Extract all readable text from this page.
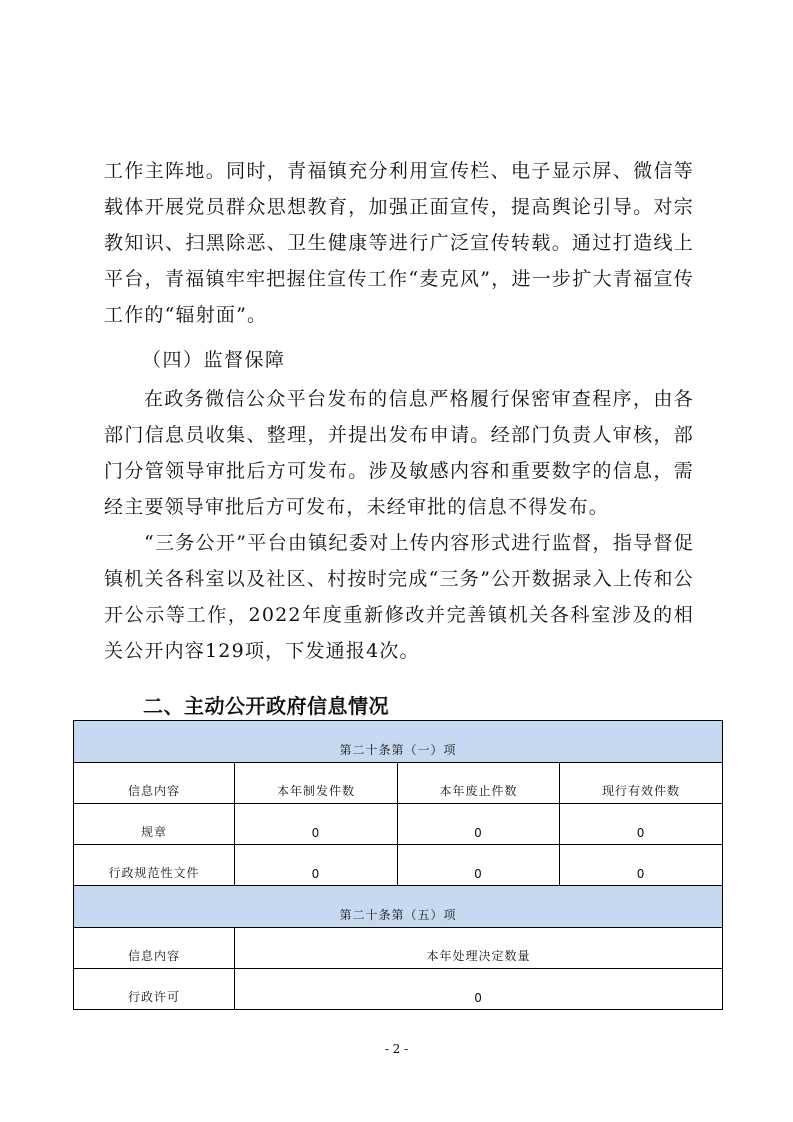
工作主阵地。同时，青福镇充分利用宣传栏、电子显示屏、微信等载体开展党员群众思想教育，加强正面宣传，提高舆论引导。对宗教知识、扫黑除恶、卫生健康等进行广泛宣传转载。通过打造线上平台，青福镇牢牢把握住宣传工作“麦克风”，进一步扩大青福宣传工作的“辐射面”。

（四）监督保障

在政务微信公众平台发布的信息严格履行保密审查程序，由各部门信息员收集、整理，并提出发布申请。经部门负责人审核，部门分管领导审批后方可发布。涉及敏感内容和重要数字的信息，需经主要领导审批后方可发布，未经审批的信息不得发布。

“三务公开”平台由镇纪委对上传内容形式进行监督，指导督促镇机关各科室以及社区、村按时完成“三务”公开数据录入上传和公开公示等工作，2022年度重新修改并完善镇机关各科室涉及的相关公开内容129项，下发通报4次。

二、主动公开政府信息情况
第二十条第（一）项			
信息内容	本年制发件数	本年废止件数	现行有效件数
规章	0	0	0
行政规范性文件	0	0	0
第二十条第（五）项			
信息内容	本年处理决定数量		
行政许可	0		
- 2 -
